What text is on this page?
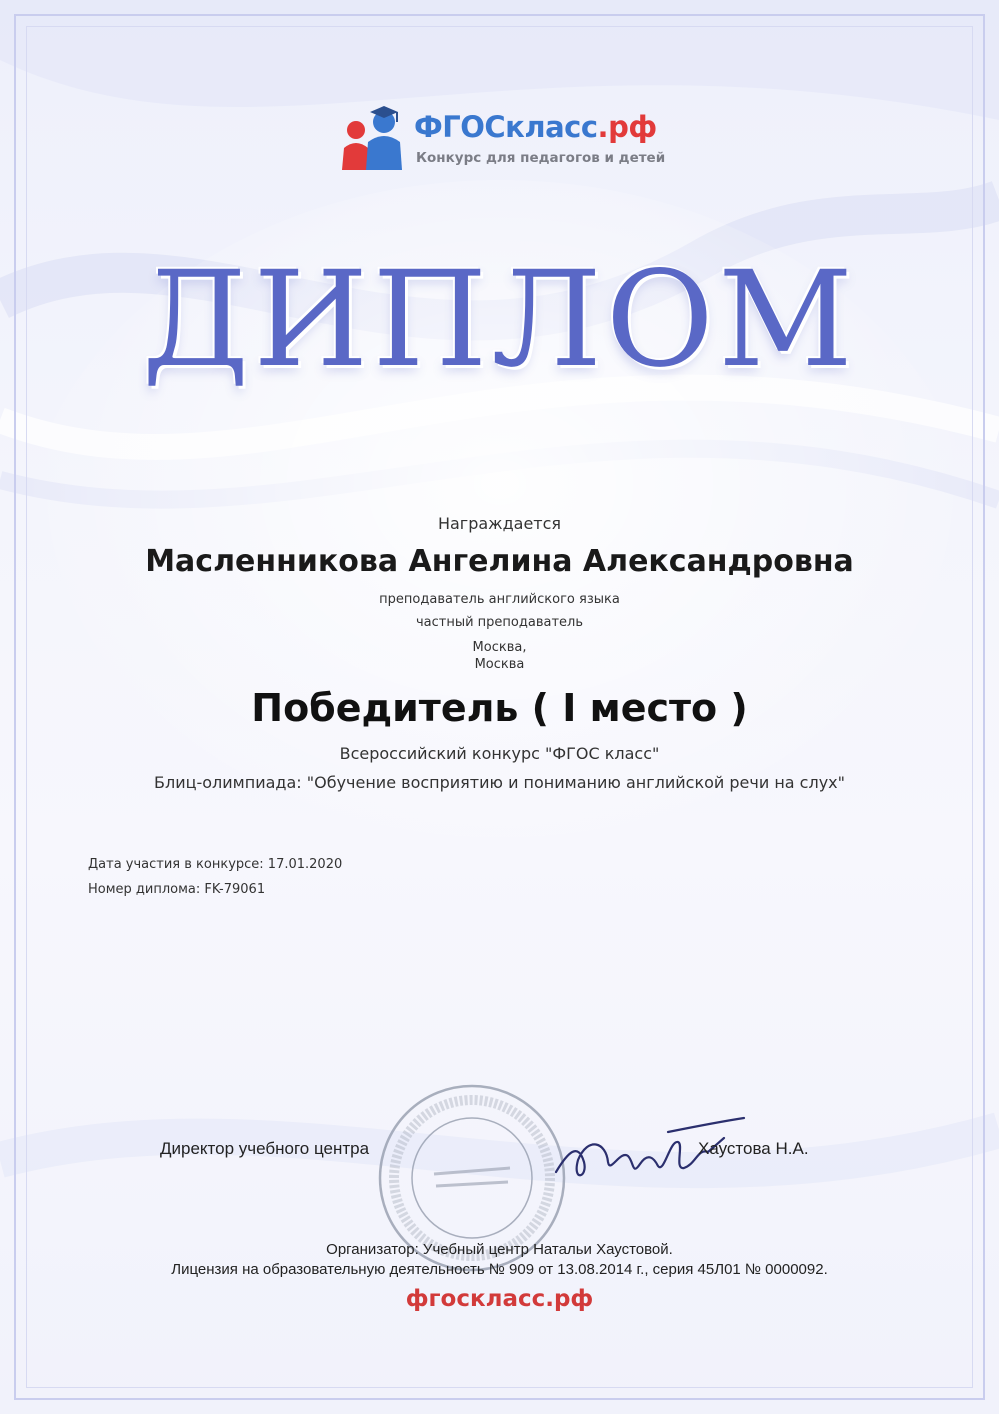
ФГОСкласс.рф
Конкурс для педагогов и детей
ДИПЛОМ
Награждается
Масленникова Ангелина Александровна
преподаватель английского языка
частный преподаватель
Москва,
Москва
Победитель ( I место )
Всероссийский конкурс "ФГОС класс"
Блиц-олимпиада: "Обучение восприятию и пониманию английской речи на слух"
Дата участия в конкурсе: 17.01.2020
Номер диплома: FK-79061
Директор учебного центра	Хаустова Н.А.
Организатор: Учебный центр Натальи Хаустовой.
Лицензия на образовательную деятельность № 909 от 13.08.2014 г., серия 45Л01 № 0000092.
фгоскласс.рф
